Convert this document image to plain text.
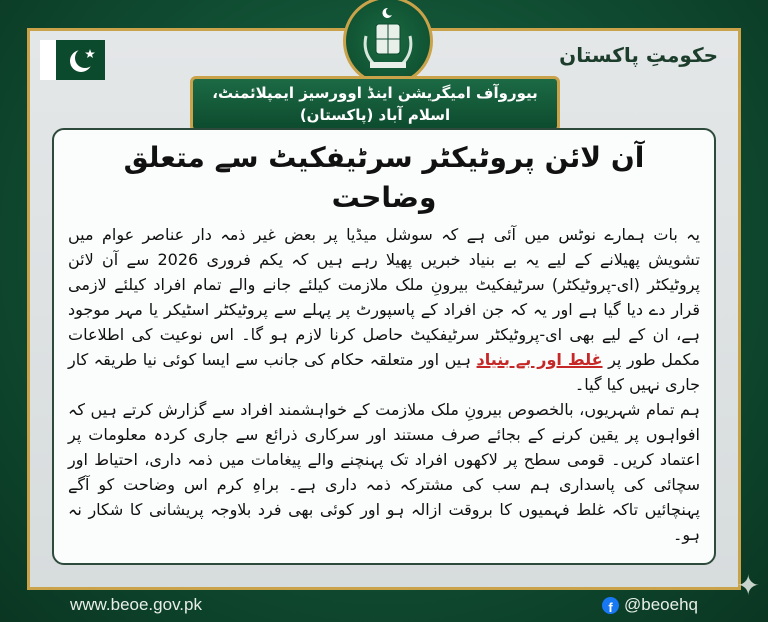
حکومتِ پاکستان
بیوروآف امیگریشن اینڈ اوورسیز ایمپلائمنٹ، اسلام آباد (پاکستان)
آن لائن پروٹیکٹر سرٹیفکیٹ سے متعلق وضاحت

یہ بات ہمارے نوٹس میں آئی ہے کہ سوشل میڈیا پر بعض غیر ذمہ دار عناصر عوام میں تشویش پھیلانے کے لیے یہ بے بنیاد خبریں پھیلا رہے ہیں کہ یکم فروری 2026 سے آن لائن پروٹیکٹر (ای-پروٹیکٹر) سرٹیفکیٹ بیرونِ ملک ملازمت کیلئے جانے والے تمام افراد کیلئے لازمی قرار دے دیا گیا ہے اور یہ کہ جن افراد کے پاسپورٹ پر پہلے سے پروٹیکٹر اسٹیکر یا مہر موجود ہے، ان کے لیے بھی ای-پروٹیکٹر سرٹیفکیٹ حاصل کرنا لازم ہو گا۔ اس نوعیت کی اطلاعات مکمل طور پر غلط اور بے بنیاد ہیں اور متعلقہ حکام کی جانب سے ایسا کوئی نیا طریقہ کار جاری نہیں کیا گیا۔

ہم تمام شہریوں، بالخصوص بیرونِ ملک ملازمت کے خواہشمند افراد سے گزارش کرتے ہیں کہ افواہوں پر یقین کرنے کے بجائے صرف مستند اور سرکاری ذرائع سے جاری کردہ معلومات پر اعتماد کریں۔ قومی سطح پر لاکھوں افراد تک پہنچنے والے پیغامات میں ذمہ داری، احتیاط اور سچائی کی پاسداری ہم سب کی مشترکہ ذمہ داری ہے۔ براہِ کرم اس وضاحت کو آگے پہنچائیں تاکہ غلط فہمیوں کا بروقت ازالہ ہو اور کوئی بھی فرد بلاوجہ پریشانی کا شکار نہ ہو۔

www.beoe.gov.pk	f @beoehq
✦
